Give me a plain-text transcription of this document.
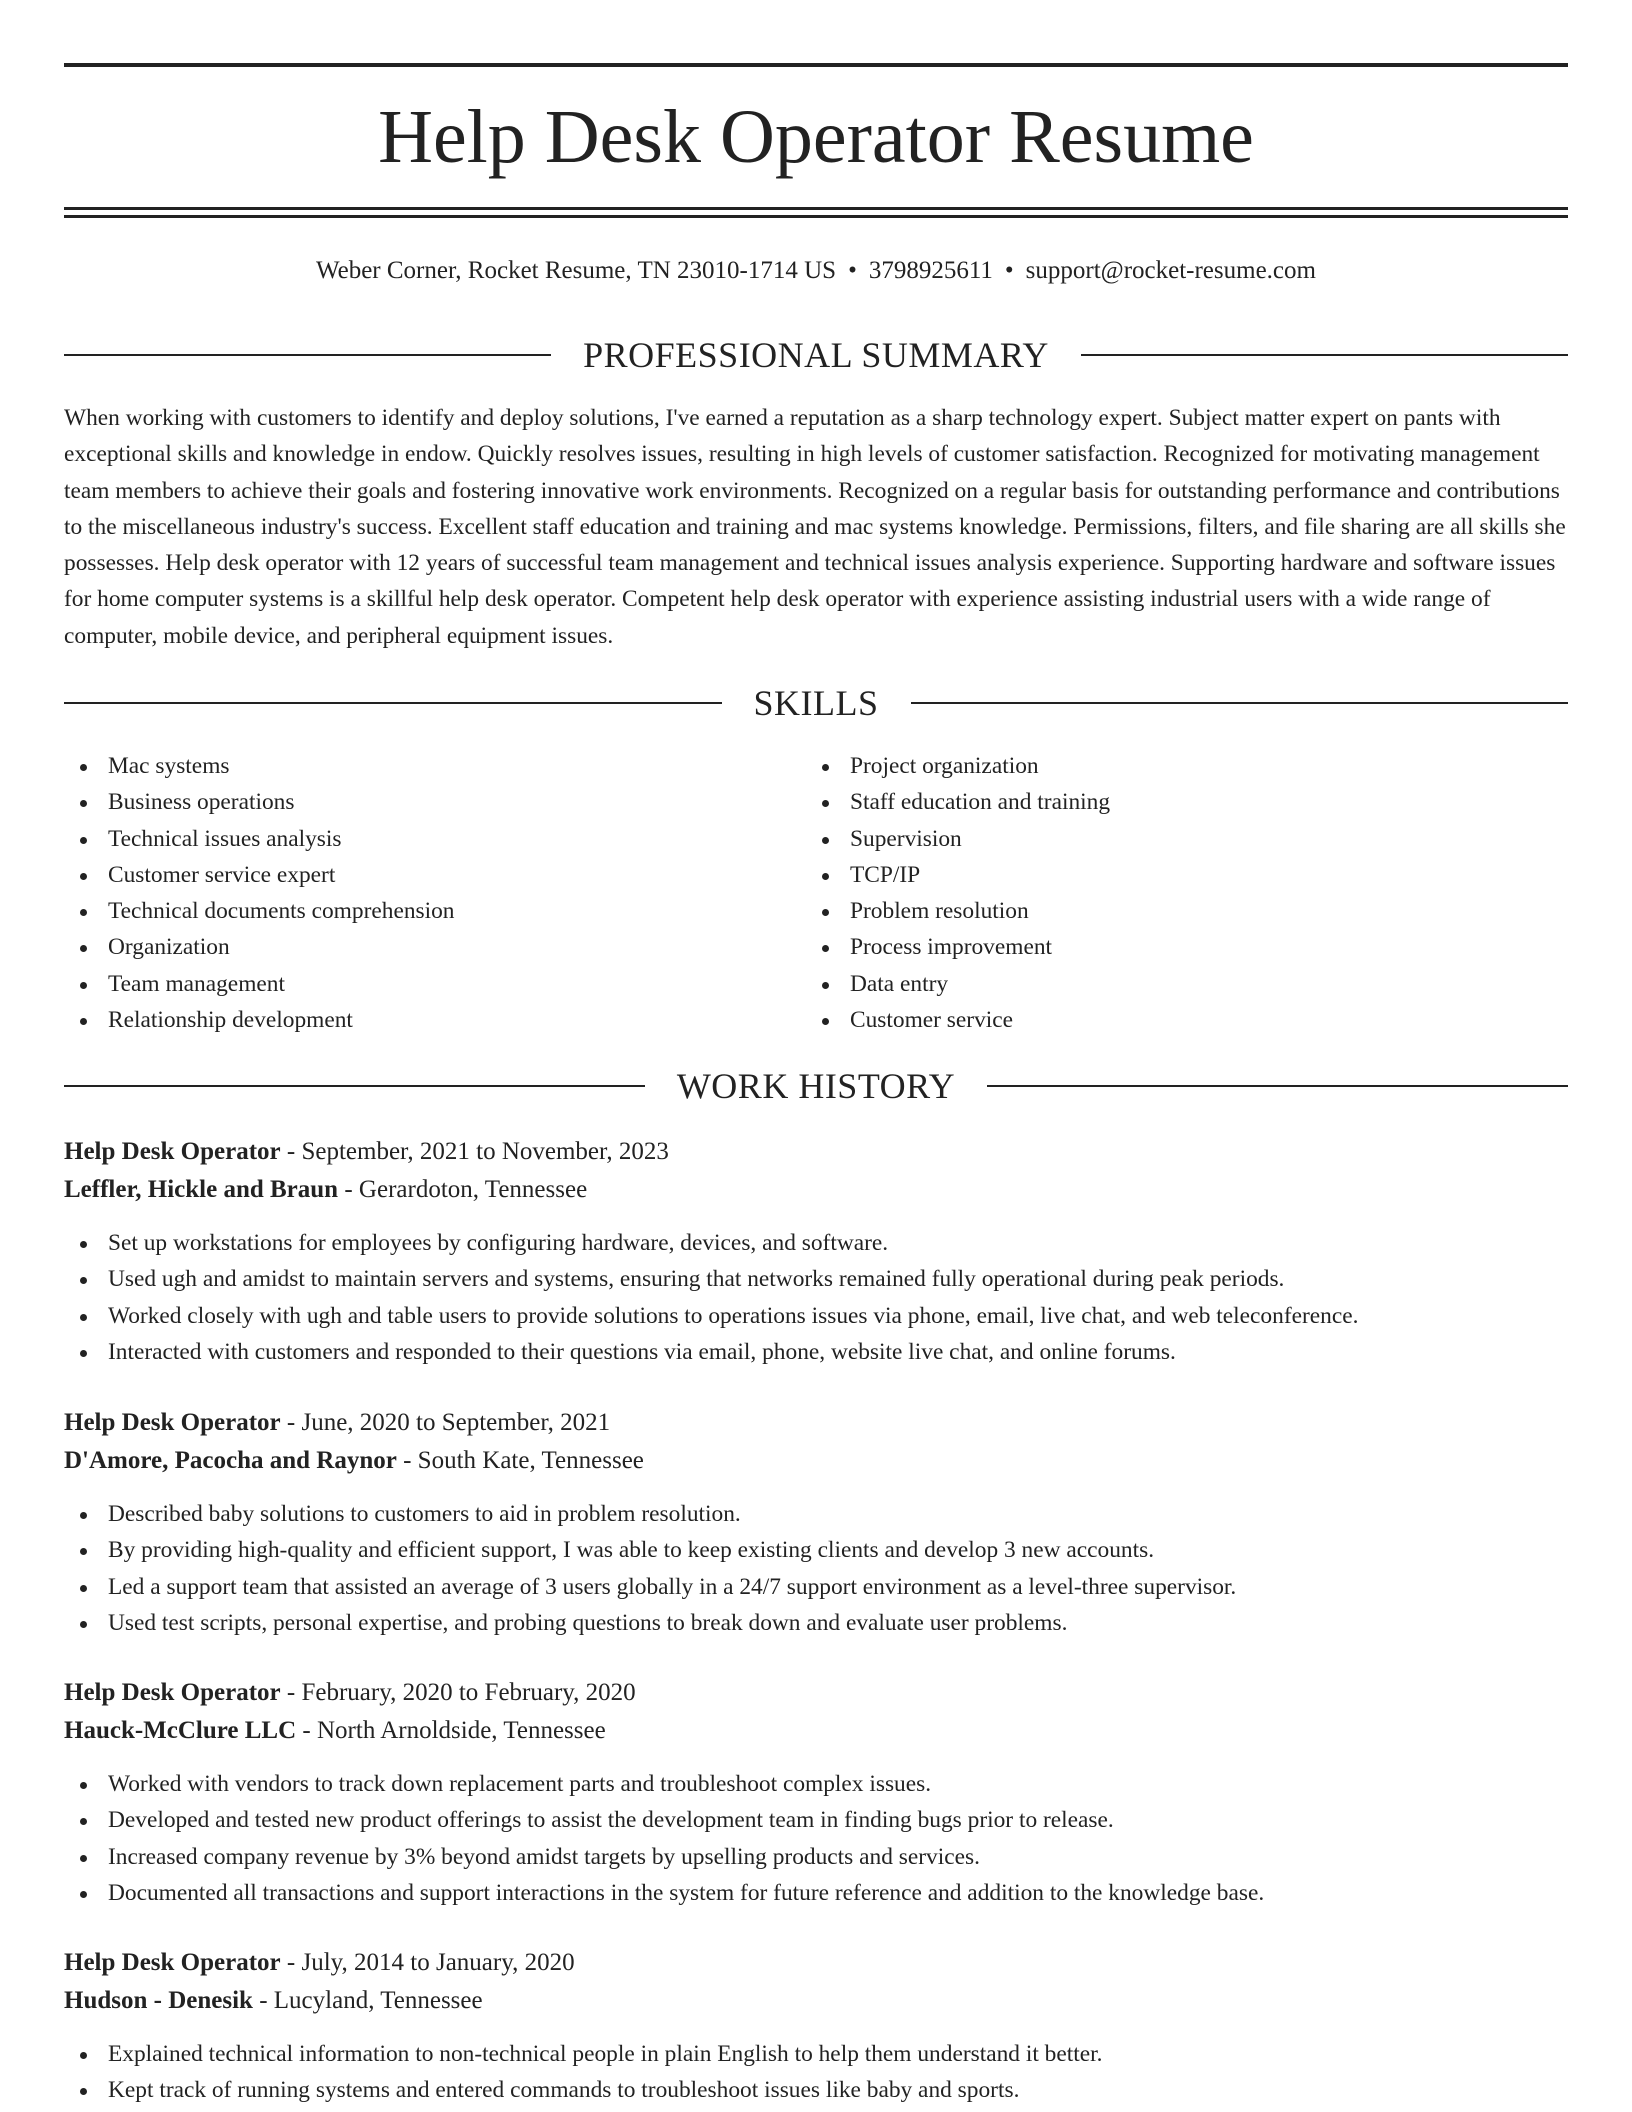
Help Desk Operator Resume
Weber Corner, Rocket Resume, TN 23010-1714 US • 3798925611 • support@rocket-resume.com
PROFESSIONAL SUMMARY

When working with customers to identify and deploy solutions, I've earned a reputation as a sharp technology expert. Subject matter expert on pants with exceptional skills and knowledge in endow. Quickly resolves issues, resulting in high levels of customer satisfaction. Recognized for motivating management team members to achieve their goals and fostering innovative work environments. Recognized on a regular basis for outstanding performance and contributions to the miscellaneous industry's success. Excellent staff education and training and mac systems knowledge. Permissions, filters, and file sharing are all skills she possesses. Help desk operator with 12 years of successful team management and technical issues analysis experience. Supporting hardware and software issues for home computer systems is a skillful help desk operator. Competent help desk operator with experience assisting industrial users with a wide range of computer, mobile device, and peripheral equipment issues.

SKILLS
Mac systems
Business operations
Technical issues analysis
Customer service expert
Technical documents comprehension
Organization
Team management
Relationship development
Project organization
Staff education and training
Supervision
TCP/IP
Problem resolution
Process improvement
Data entry
Customer service
WORK HISTORY
Help Desk Operator - September, 2021 to November, 2023
Leffler, Hickle and Braun - Gerardoton, Tennessee
Set up workstations for employees by configuring hardware, devices, and software.
Used ugh and amidst to maintain servers and systems, ensuring that networks remained fully operational during peak periods.
Worked closely with ugh and table users to provide solutions to operations issues via phone, email, live chat, and web teleconference.
Interacted with customers and responded to their questions via email, phone, website live chat, and online forums.
Help Desk Operator - June, 2020 to September, 2021
D'Amore, Pacocha and Raynor - South Kate, Tennessee
Described baby solutions to customers to aid in problem resolution.
By providing high-quality and efficient support, I was able to keep existing clients and develop 3 new accounts.
Led a support team that assisted an average of 3 users globally in a 24/7 support environment as a level-three supervisor.
Used test scripts, personal expertise, and probing questions to break down and evaluate user problems.
Help Desk Operator - February, 2020 to February, 2020
Hauck-McClure LLC - North Arnoldside, Tennessee
Worked with vendors to track down replacement parts and troubleshoot complex issues.
Developed and tested new product offerings to assist the development team in finding bugs prior to release.
Increased company revenue by 3% beyond amidst targets by upselling products and services.
Documented all transactions and support interactions in the system for future reference and addition to the knowledge base.
Help Desk Operator - July, 2014 to January, 2020
Hudson - Denesik - Lucyland, Tennessee
Explained technical information to non-technical people in plain English to help them understand it better.
Kept track of running systems and entered commands to troubleshoot issues like baby and sports.
